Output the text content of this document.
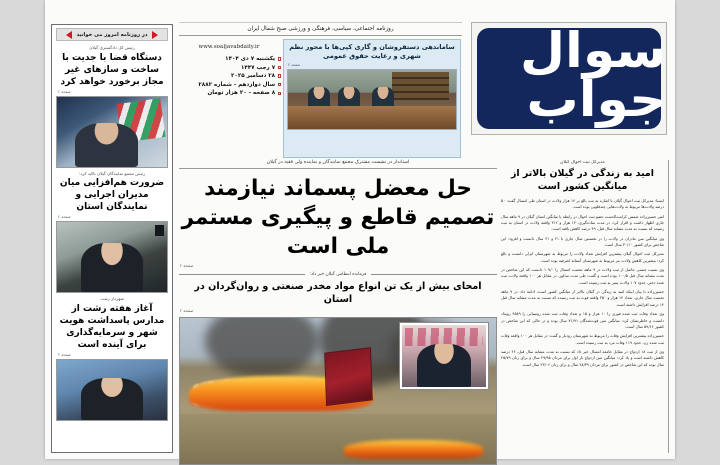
در روزنامه امروز می خوانید
رئیس کل دادگستری گیلان
دستگاه قضا با جدیت با ساخت و سازهای غیر مجاز برخورد خواهد کرد
صفحه ۲
رئیس مجمع نمایندگان گیلان تاکید کرد:
ضرورت هم‌افزایی میان مدیران اجرایی و نمایندگان استان
صفحه ۲
شهردار رشت
آغاز هفته رشت از مدارس پاسداشت هویت شهر و سرمایه‌گذاری برای آینده است
صفحه ۲
روزنامه اجتماعی، سیاسی، فرهنگی و ورزشی صبح شمال ایران	سوال جواب
www.soaljavabdaily.ir
یکشنبه ۷ دی ۱۴۰۴
۷ رجب ۱۴۴۷
۲۸ دسامبر ۲۰۲۵
سال دوازدهم - شماره ۲۸۸۲
۸ صفحه - ۲۰ هزار تومان
ساماندهی دستفروشان و گاری کپی‌ها با محور نظم شهری و رعایت حقوق عمومی
صفحه ۲
استاندار در نشست مشترک مجمع نمایندگان و نماینده ولی فقیه در گیلان
حل معضل پسماند نیازمند تصمیم قاطع و پیگیری مستمر ملی است
صفحه ۲
فرمانده انتظامی گیلان خبر داد:
امحای بیش از یک تن انواع مواد مخدر صنعتی و روان‌گردان در استان
صفحه ۲
مدیرکل ثبت احوال گیلان
امید به زندگی در گیلان بالاتر از میانگین کشور است

ایسنا: مدیرکل ثبت احوال گیلان با اشاره به ثبت بالغ بر ۱۴ هزار ولادت در استان طی امسال گفت: ۵۰ درصد ولادت‌ها مربوط به ولادت‌هایی چندقلویی بوده است.

امیر حسین‌زاده شمس کرامت‌الدست عضو ثبت احوال در رابطه با میانگین استان گیلان در ۹ ماهه سال جاری اظهار داشت و اقرار کرد: در مدت ساده‌گیری، ۱۴ هزار و ۳۱۲ واقعه ولادت در استان به ثبت رسیده که نسبت به مدت مشابه سال قبل، ۴۹ درصد کاهش یافته است.

وی میانگین سن مادران در ولادت را در نخستین سال جاری با ۲۱ و ۳۱ سال دانست و افزود: این شاخص برای کشور ۳۰/۱۰ سال است.

مدیرکل ثبت احوال گیلان بیشترین افزایش تعداد ولادت را مربوط به شهرستان انزلی دانست و بالغ کرد: بیشترین کاهش ولادت نیز مربوط به شهرستان آستانه اشرفیه بوده است.

وی نسبت جنسی حاصل از ثبت ولادت در ۹ ماهه نخست امسال را ۱۰۷/۰ دانست که این شاخص در مدت مشابه سال قبل ۱۰۰/۵ بوده است و گفت: طی مدت مذکور، در مقابل هر ۱۰۰ واقعه ولادت ثبت شده دختر، حدود ۱۰۷ ولادت پسر به ثبت رسیده است.

حسین‌زاده با بیان اینکه امید به زندگی در گیلان بالاتر از میانگین کشور است، ادامه داد: در ۹ ماهه نخست سال جاری، تعداد ۱۴ هزار و ۳۵۰ واقعه فوت به ثبت رسیده که نسبت به مدت مشابه سال قبل ۱۴ درصد افزایش داشته است.

وی تعداد وفات ثبت شده فوری را ۱۰ هزار و ۱۵ و تعداد وفات ثبت شده روستایی را ۴۵۸۹ رویداد دانست و خاطرنشان کرد: میانگین سن فوت‌شدگان ۷۱/۹۱ سال بوده و در حالی که این شاخص در کشور ۵۹/۶۶ سال است.

حسین‌زاده بیشترین افزایش وفات را مربوط به شهرستان رودبار و گفت: در مقابل هر ۱۰۰ واقعه وفات ثبت شده زن، حدود ۱۱۹ وفات مرد به ثبت رسیده است.

وی از ثبت ۱۸ ازدواج در مقابل جامعه امسال خبر داد که نسبت به مدت مشابه سال قبل، ۲۶ درصد کاهش داشته است و یاد کرد: میانگین سن ازدواج بار اول برای مردان ۲۹/۹۵ سال و برای زنان ۲۵/۷۹ سال بوده که این شاخص در کشور برای مردان ۲۸/۳۹ سال و برای زنان ۲۳/۰۶ سال است.
